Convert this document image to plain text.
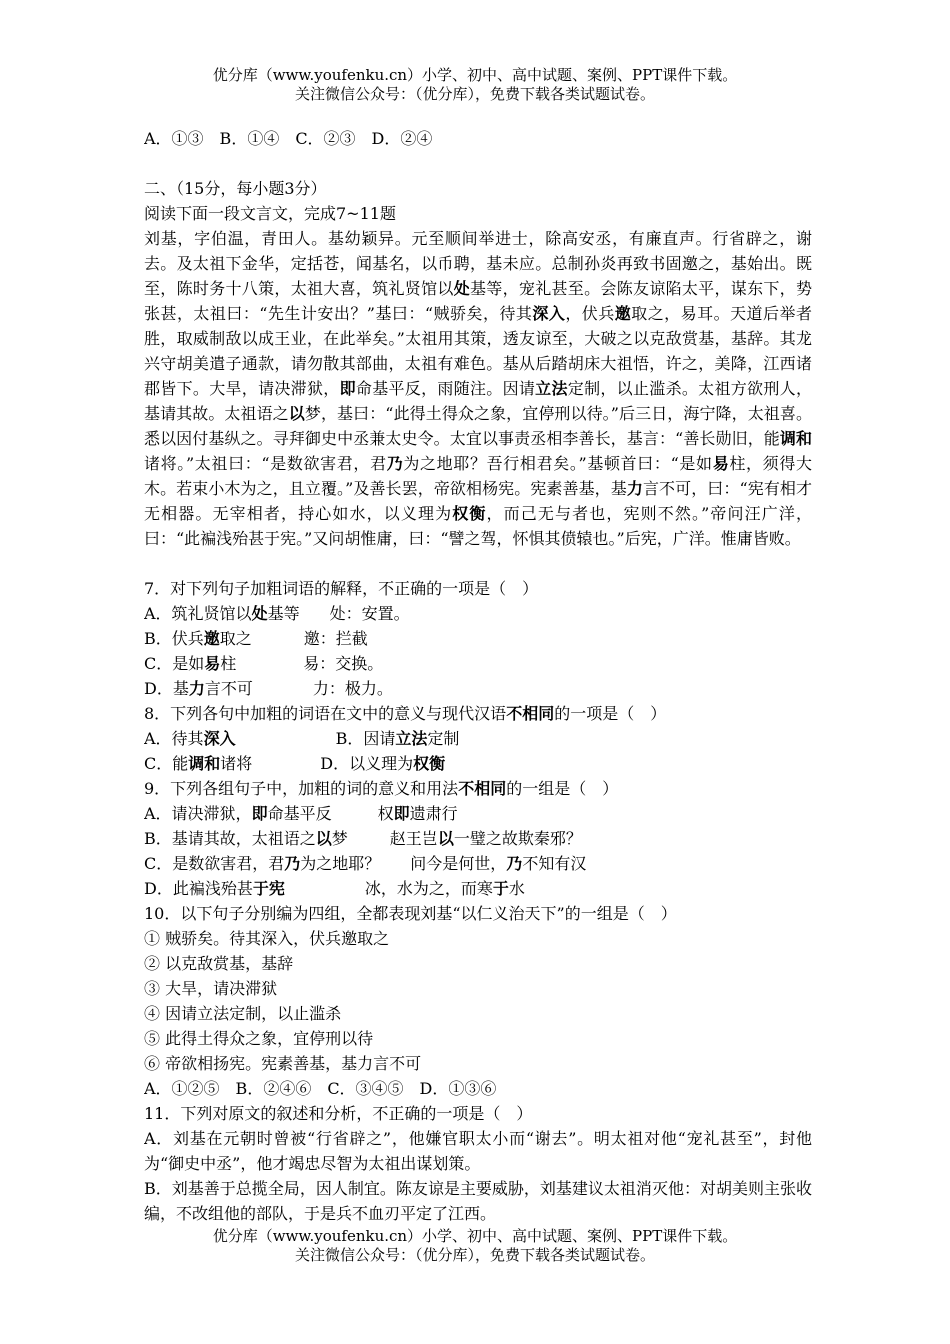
优分库（www.youfenku.cn）小学、初中、高中试题、案例、PPT课件下载。
关注微信公众号：（优分库），免费下载各类试题试卷。
A．①③　B．①④　C．②③　D．②④
二、（15分，每小题3分）
阅读下面一段文言文，完成7~11题
刘基，字伯温，青田人。基幼颖异。元至顺间举进士，除高安丞，有廉直声。行省辟之，谢去。及太祖下金华，定括苍，闻基名，以币聘，基未应。总制孙炎再致书固邀之，基始出。既至，陈时务十八策，太祖大喜，筑礼贤馆以处基等，宠礼甚至。会陈友谅陷太平，谋东下，势张甚，太祖曰：“先生计安出？”基曰：“贼骄矣，待其深入，伏兵邀取之，易耳。天道后举者胜，取威制敌以成王业，在此举矣。”太祖用其策，透友谅至，大破之以克敌赏基，基辞。其龙兴守胡美遣子通款，请勿散其部曲，太祖有难色。基从后踏胡床大祖悟，许之，美降，江西诸郡皆下。大旱，请决滞狱，即命基平反，雨随注。因请立法定制，以止滥杀。太祖方欲刑人，基请其故。太祖语之以梦，基曰：“此得土得众之象，宜停刑以待。”后三日，海宁降，太祖喜。悉以因付基纵之。寻拜御史中丞兼太史令。太宜以事责丞相李善长，基言：“善长勋旧，能调和诸将。”太祖曰：“是数欲害君，君乃为之地耶？吾行相君矣。”基顿首曰：“是如易柱，须得大木。若束小木为之，且立覆。”及善长罢，帝欲相杨宪。宪素善基，基力言不可，曰：“宪有相才无相器。无宰相者，持心如水，以义理为权衡，而己无与者也，宪则不然。”帝问汪广洋，曰：“此褊浅殆甚于宪。”又问胡惟庸，曰：“譬之驾，怀惧其偾辕也。”后宪，广洋。惟庸皆败。
7．对下列句子加粗词语的解释，不正确的一项是（　）
A．筑礼贤馆以处基等 处：安置。
B．伏兵邀取之	邀：拦截
C．是如易柱	易：交换。
D．基力言不可	力：极力。
8．下列各句中加粗的词语在文中的意义与现代汉语不相同的一项是（　）
A．待其深入	B．因请立法定制
C．能调和诸将	D．以义理为权衡
9．下列各组句子中，加粗的词的意义和用法不相同的一组是（　）
A．请决滞狱，即命基平反	权即遗肃行
B．基请其故，太祖语之以梦	赵王岂以一璧之故欺秦邪？
C．是数欲害君，君乃为之地耶？ 问今是何世，乃不知有汉
D．此褊浅殆甚于宪	冰，水为之，而寒于水
10．以下句子分别编为四组，全都表现刘基“以仁义治天下”的一组是（　）
① 贼骄矣。待其深入，伏兵邀取之
② 以克敌赏基，基辞
③ 大旱，请决滞狱
④ 因请立法定制，以止滥杀
⑤ 此得土得众之象，宜停刑以待
⑥ 帝欲相扬宪。宪素善基，基力言不可
A．①②⑤　B．②④⑥　C．③④⑤　D．①③⑥
11．下列对原文的叙述和分析，不正确的一项是（　）
A．刘基在元朝时曾被“行省辟之”，他嫌官职太小而“谢去”。明太祖对他“宠礼甚至”，封他为“御史中丞”，他才竭忠尽智为太祖出谋划策。
B．刘基善于总揽全局，因人制宜。陈友谅是主要威胁，刘基建议太祖消灭他：对胡美则主张收编，不改组他的部队，于是兵不血刃平定了江西。
优分库（www.youfenku.cn）小学、初中、高中试题、案例、PPT课件下载。
关注微信公众号：（优分库），免费下载各类试题试卷。
